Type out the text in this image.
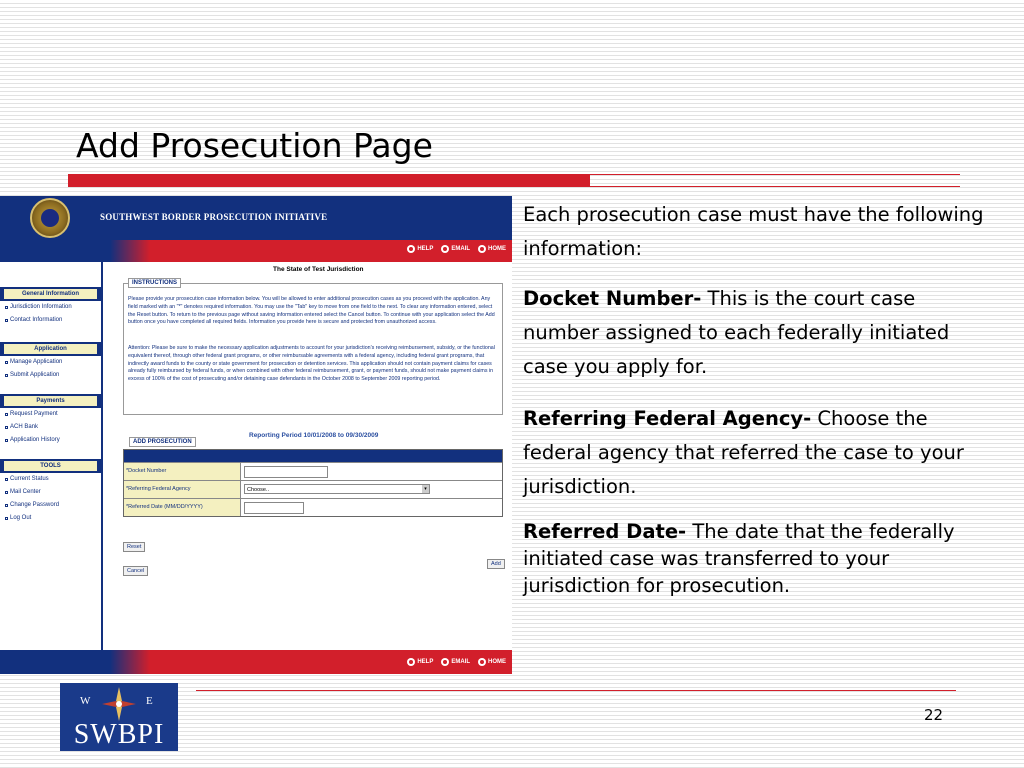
Add Prosecution Page
SOUTHWEST BORDER PROSECUTION INITIATIVE
HELP	EMAIL	HOME
General Information
Jurisdiction Information
Contact Information
Application
Manage Application
Submit Application
Payments
Request Payment
ACH Bank
Application History
TOOLS
Current Status
Mail Center
Change Password
Log Out
The State of Test Jurisdiction
INSTRUCTIONS
Please provide your prosecution case information below. You will be allowed to enter additional prosecution cases as you proceed with the application. Any field marked with an "*" denotes required information. You may use the "Tab" key to move from one field to the next. To clear any information entered, select the Reset button. To return to the previous page without saving information entered select the Cancel button. To continue with your application select the Add button once you have completed all required fields. Information you provide here is secure and protected from unauthorized access.
Attention: Please be sure to make the necessary application adjustments to account for your jurisdiction's receiving reimbursement, subsidy, or the functional equivalent thereof, through other federal grant programs, or other reimbursable agreements with a federal agency, including federal grant programs, that indirectly award funds to the county or state government for prosecution or detention services. This application should not contain payment claims for cases already fully reimbursed by federal funds, or when combined with other federal reimbursement, grant, or payment funds, should not make payment claims in excess of 100% of the cost of prosecuting and/or detaining case defendants in the October 2008 to September 2009 reporting period.
Reporting Period 10/01/2008 to 09/30/2009
ADD PROSECUTION
*Docket Number
*Referring Federal Agency	Choose..	▾
*Referred Date (MM/DD/YYYY)
Reset
Cancel
Add
HELP	EMAIL	HOME

Each prosecution case must have the following information:

Docket Number- This is the court case number assigned to each federally initiated case you apply for.

Referring Federal Agency- Choose the federal agency that referred the case to your jurisdiction.

Referred Date- The date that the federally initiated case was transferred to your jurisdiction for prosecution.

W	E
SWBPI
22
